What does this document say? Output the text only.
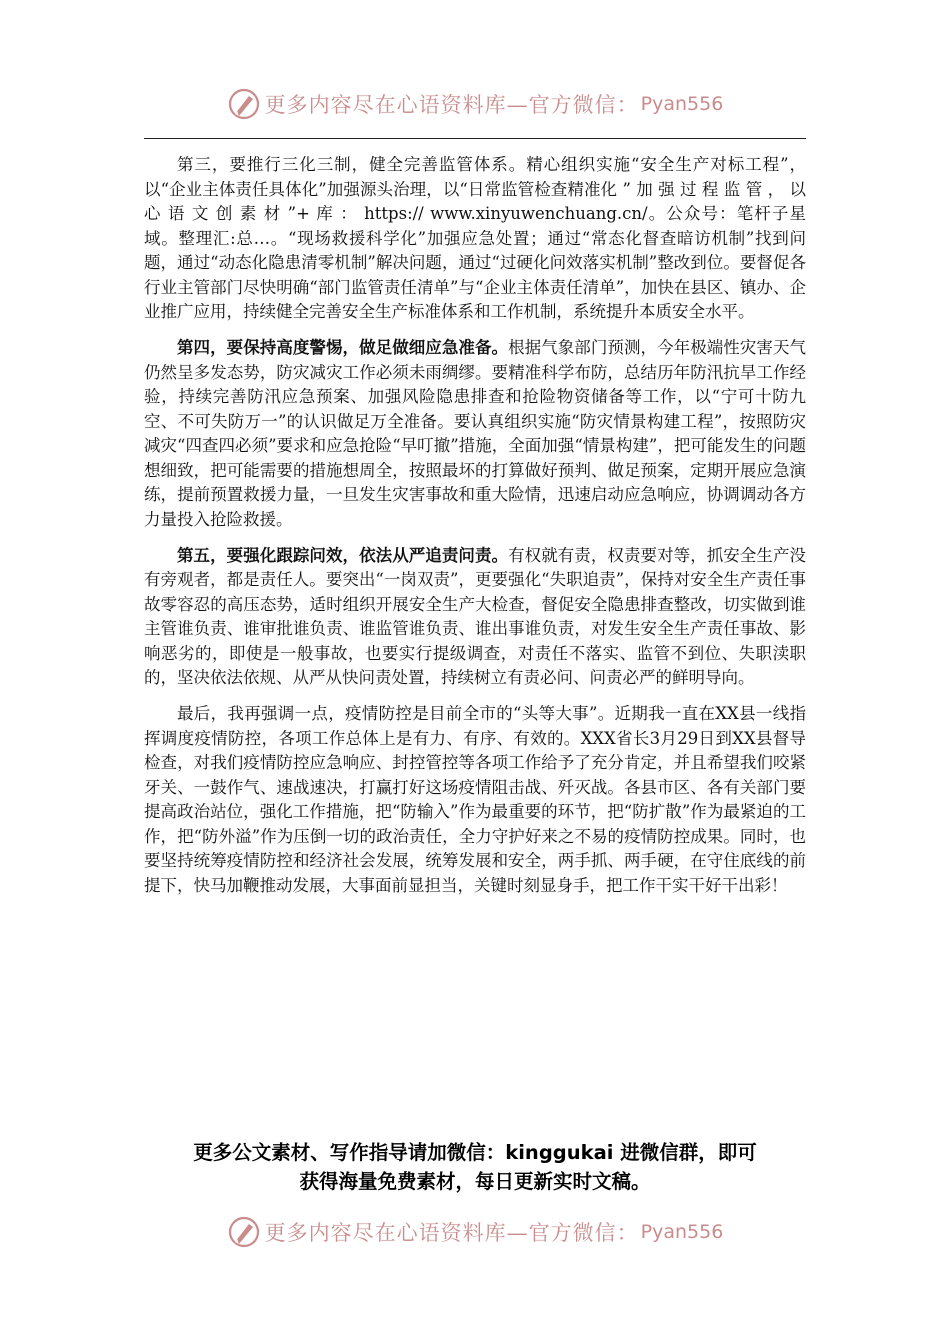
更多内容尽在心语资料库—官方微信： Pyan556

第三，要推行三化三制，健全完善监管体系。精心组织实施“安全生产对标工程”，以“企业主体责任具体化”加强源头治理，以“日常监管检查精准化 ” 加 强 过 程 监 管 ， 以 心 语 文 创 素 材 ”+ 库 ： https:// www.xinyuwenchuang.cn/。公众号：笔杆子星域。整理汇:总…。“现场救援科学化”加强应急处置；通过“常态化督查暗访机制”找到问题，通过“动态化隐患清零机制”解决问题，通过“过硬化问效落实机制”整改到位。要督促各行业主管部门尽快明确“部门监管责任清单”与“企业主体责任清单”，加快在县区、镇办、企业推广应用，持续健全完善安全生产标准体系和工作机制，系统提升本质安全水平。

第四，要保持高度警惕，做足做细应急准备。根据气象部门预测，今年极端性灾害天气仍然呈多发态势，防灾减灾工作必须未雨绸缪。要精准科学布防，总结历年防汛抗旱工作经验，持续完善防汛应急预案、加强风险隐患排查和抢险物资储备等工作，以“宁可十防九空、不可失防万一”的认识做足万全准备。要认真组织实施“防灾情景构建工程”，按照防灾减灾“四查四必须”要求和应急抢险“早叮撤”措施，全面加强“情景构建”，把可能发生的问题想细致，把可能需要的措施想周全，按照最坏的打算做好预判、做足预案，定期开展应急演练，提前预置救援力量，一旦发生灾害事故和重大险情，迅速启动应急响应，协调调动各方力量投入抢险救援。

第五，要强化跟踪问效，依法从严追责问责。有权就有责，权责要对等，抓安全生产没有旁观者，都是责任人。要突出“一岗双责”，更要强化“失职追责”，保持对安全生产责任事故零容忍的高压态势，适时组织开展安全生产大检查，督促安全隐患排查整改，切实做到谁主管谁负责、谁审批谁负责、谁监管谁负责、谁出事谁负责，对发生安全生产责任事故、影响恶劣的，即使是一般事故，也要实行提级调查，对责任不落实、监管不到位、失职渎职的，坚决依法依规、从严从快问责处置，持续树立有责必问、问责必严的鲜明导向。

最后，我再强调一点，疫情防控是目前全市的“头等大事”。近期我一直在XX县一线指挥调度疫情防控，各项工作总体上是有力、有序、有效的。XXX省长3月29日到XX县督导检查，对我们疫情防控应急响应、封控管控等各项工作给予了充分肯定，并且希望我们咬紧牙关、一鼓作气、速战速决，打赢打好这场疫情阻击战、歼灭战。各县市区、各有关部门要提高政治站位，强化工作措施，把“防输入”作为最重要的环节，把“防扩散”作为最紧迫的工作，把“防外溢”作为压倒一切的政治责任，全力守护好来之不易的疫情防控成果。同时，也要坚持统筹疫情防控和经济社会发展，统筹发展和安全，两手抓、两手硬，在守住底线的前提下，快马加鞭推动发展，大事面前显担当，关键时刻显身手，把工作干实干好干出彩！

更多公文素材、写作指导请加微信：kinggukai 进微信群，即可
获得海量免费素材，每日更新实时文稿。
更多内容尽在心语资料库—官方微信： Pyan556
